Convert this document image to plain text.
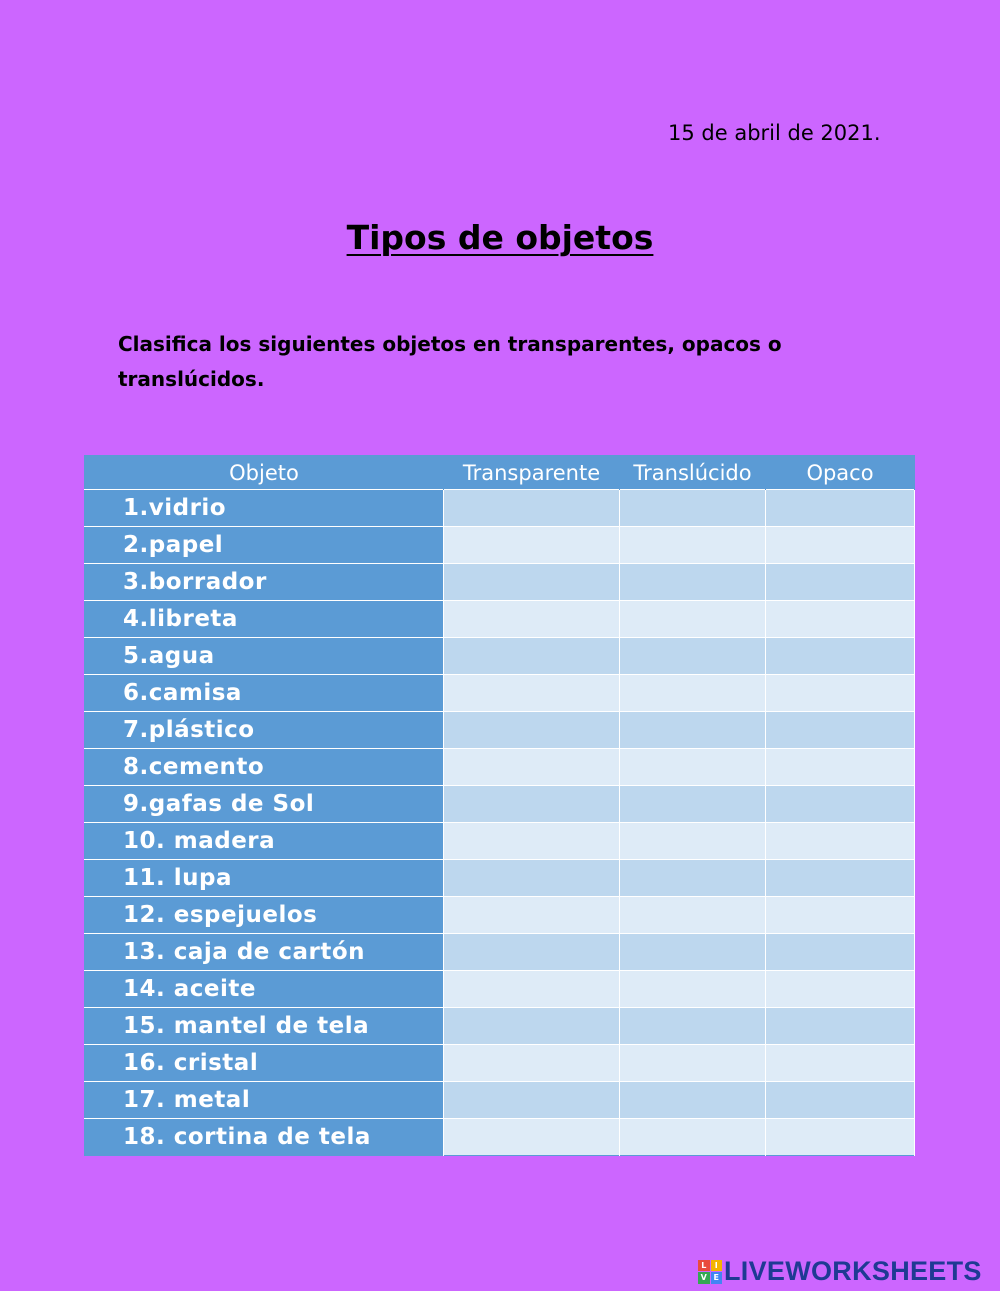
15 de abril de 2021.
Tipos de objetos

Clasifica los siguientes objetos en transparentes, opacos o translúcidos.

Objeto	Transparente	Translúcido	Opaco
1.vidrio			
2.papel			
3.borrador			
4.libreta			
5.agua			
6.camisa			
7.plástico			
8.cemento			
9.gafas de Sol			
10. madera			
11. lupa			
12. espejuelos			
13. caja de cartón			
14. aceite			
15. mantel de tela			
16. cristal			
17. metal			
18. cortina de tela			
L	I
V E LIVEWORKSHEETS
